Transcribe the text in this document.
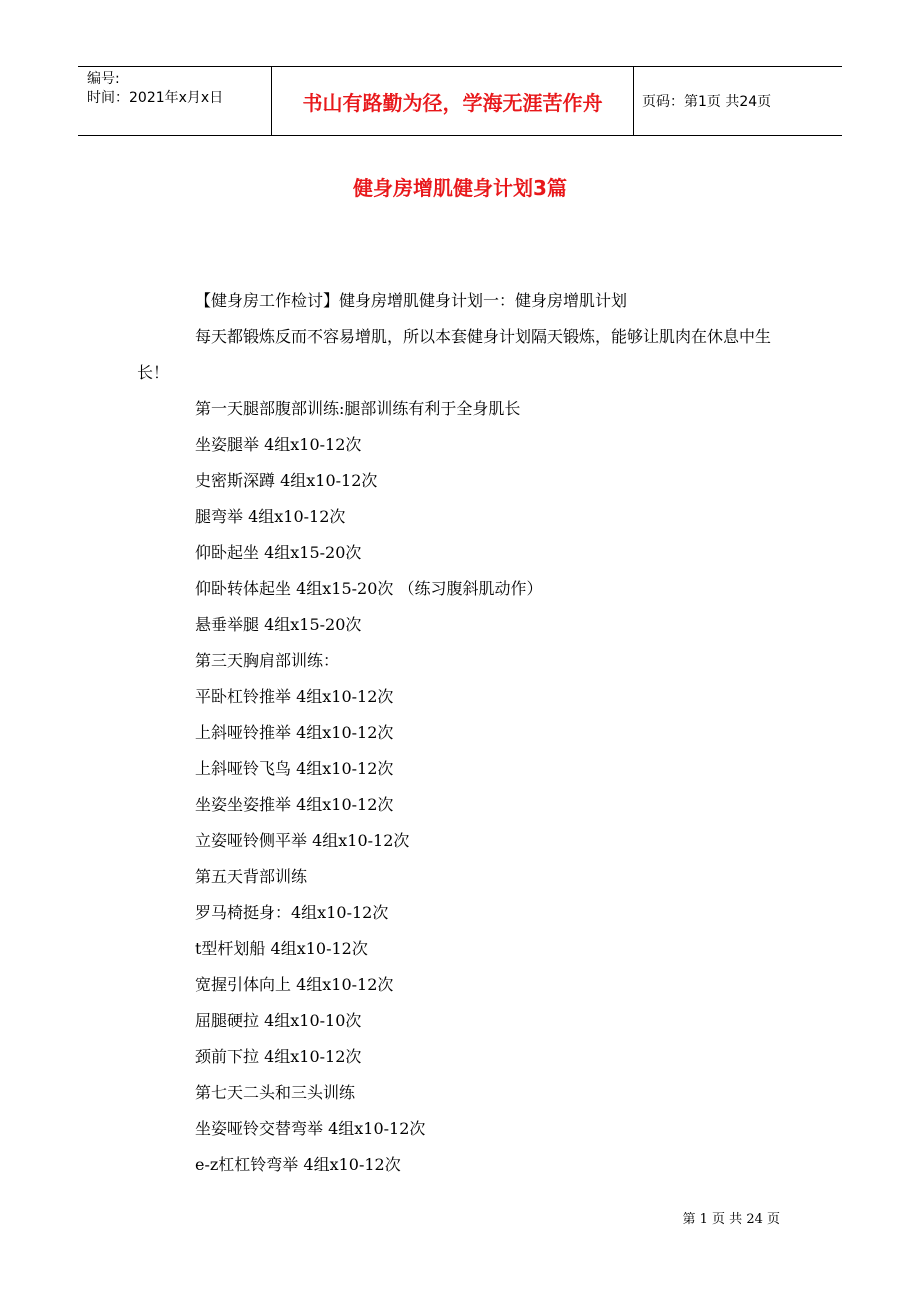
编号:
时间：2021年x月x日	书山有路勤为径，学海无涯苦作舟	页码：第1页 共24页
健身房增肌健身计划3篇

【健身房工作检讨】健身房增肌健身计划一：健身房增肌计划

每天都锻炼反而不容易增肌，所以本套健身计划隔天锻炼，能够让肌肉在休息中生长！

第一天腿部腹部训练:腿部训练有利于全身肌长

坐姿腿举 4组x10-12次

史密斯深蹲 4组x10-12次

腿弯举 4组x10-12次

仰卧起坐 4组x15-20次

仰卧转体起坐 4组x15-20次 （练习腹斜肌动作）

悬垂举腿 4组x15-20次

第三天胸肩部训练：

平卧杠铃推举 4组x10-12次

上斜哑铃推举 4组x10-12次

上斜哑铃飞鸟 4组x10-12次

坐姿坐姿推举 4组x10-12次

立姿哑铃侧平举 4组x10-12次

第五天背部训练

罗马椅挺身：4组x10-12次

t型杆划船 4组x10-12次

宽握引体向上 4组x10-12次

屈腿硬拉 4组x10-10次

颈前下拉 4组x10-12次

第七天二头和三头训练

坐姿哑铃交替弯举 4组x10-12次

e-z杠杠铃弯举 4组x10-12次

第 1 页 共 24 页
